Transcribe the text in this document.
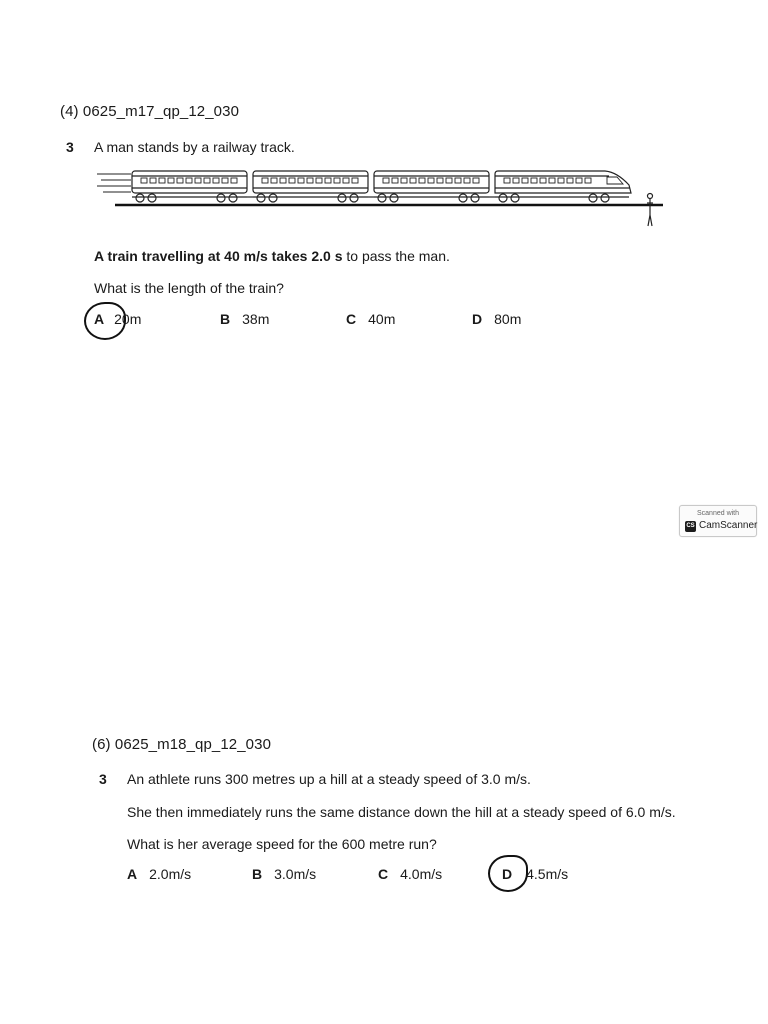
(4) 0625_m17_qp_12_030
3 A man stands by a railway track.
A train travelling at 40 m/s takes 2.0 s to pass the man.
What is the length of the train?
A 20m	B 38m	C 40m	D 80m
Scanned with
CS CamScanner
(6) 0625_m18_qp_12_030
3 An athlete runs 300 metres up a hill at a steady speed of 3.0 m/s.
She then immediately runs the same distance down the hill at a steady speed of 6.0 m/s.
What is her average speed for the 600 metre run?
A 2.0m/s	B 3.0m/s	C 4.0m/s	D 4.5m/s
